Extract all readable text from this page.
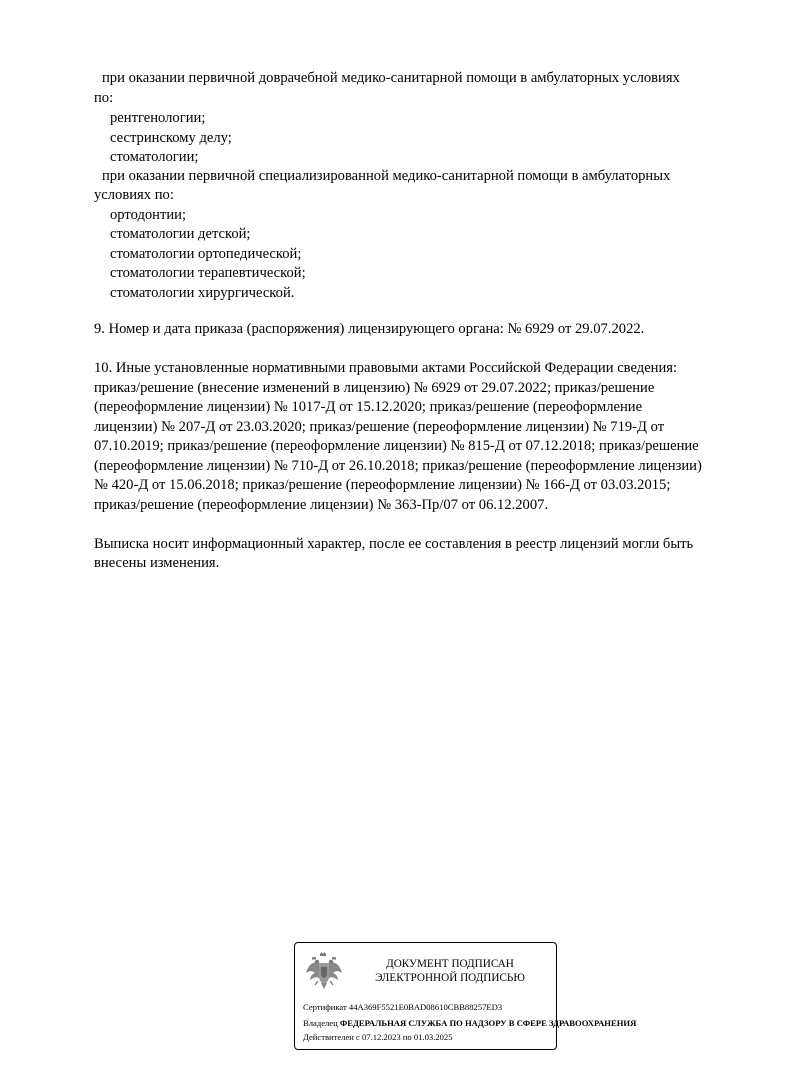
при оказании первичной доврачебной медико-санитарной помощи в амбулаторных условиях
по:
рентгенологии;
сестринскому делу;
стоматологии;
при оказании первичной специализированной медико-санитарной помощи в амбулаторных
условиях по:
ортодонтии;
стоматологии детской;
стоматологии ортопедической;
стоматологии терапевтической;
стоматологии хирургической.
9. Номер и дата приказа (распоряжения) лицензирующего органа: № 6929 от 29.07.2022.
10. Иные установленные нормативными правовыми актами Российской Федерации сведения:
приказ/решение (внесение изменений в лицензию) № 6929 от 29.07.2022; приказ/решение
(переоформление лицензии) № 1017-Д от 15.12.2020; приказ/решение (переоформление
лицензии) № 207-Д от 23.03.2020; приказ/решение (переоформление лицензии) № 719-Д от
07.10.2019; приказ/решение (переоформление лицензии) № 815-Д от 07.12.2018; приказ/решение
(переоформление лицензии) № 710-Д от 26.10.2018; приказ/решение (переоформление лицензии)
№ 420-Д от 15.06.2018; приказ/решение (переоформление лицензии) № 166-Д от 03.03.2015;
приказ/решение (переоформление лицензии) № 363-Пр/07 от 06.12.2007.
Выписка носит информационный характер, после ее составления в реестр лицензий могли быть
внесены изменения.
ДОКУМЕНТ ПОДПИСАН
ЭЛЕКТРОННОЙ ПОДПИСЬЮ
Сертификат 44A369F5521E0BAD08610CBB88257ED3
Владелец ФЕДЕРАЛЬНАЯ СЛУЖБА ПО НАДЗОРУ В СФЕРЕ ЗДРАВООХРАНЕНИЯ
Действителен с 07.12.2023 по 01.03.2025
